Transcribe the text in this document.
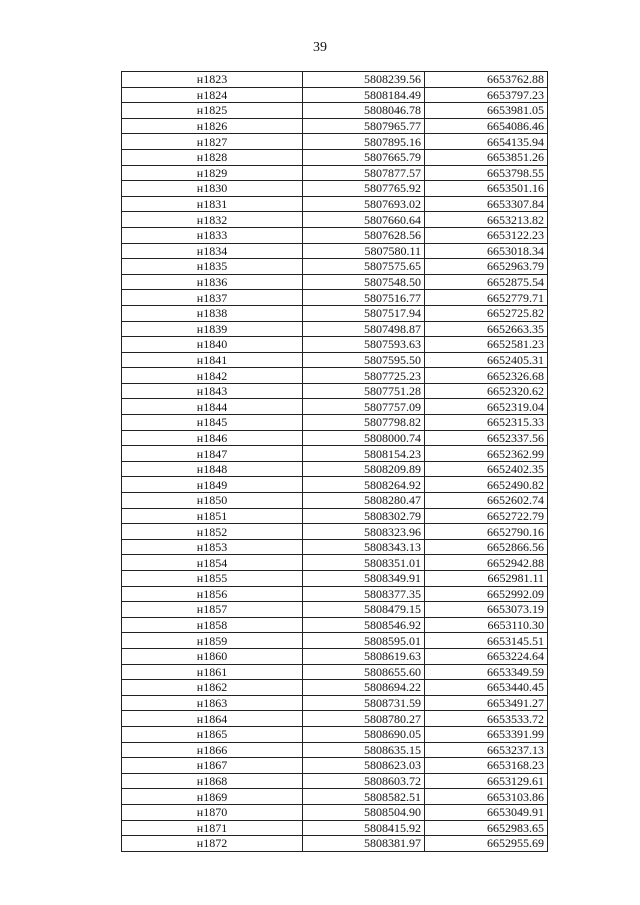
39
н1823	5808239.56	6653762.88
н1824	5808184.49	6653797.23
н1825	5808046.78	6653981.05
н1826	5807965.77	6654086.46
н1827	5807895.16	6654135.94
н1828	5807665.79	6653851.26
н1829	5807877.57	6653798.55
н1830	5807765.92	6653501.16
н1831	5807693.02	6653307.84
н1832	5807660.64	6653213.82
н1833	5807628.56	6653122.23
н1834	5807580.11	6653018.34
н1835	5807575.65	6652963.79
н1836	5807548.50	6652875.54
н1837	5807516.77	6652779.71
н1838	5807517.94	6652725.82
н1839	5807498.87	6652663.35
н1840	5807593.63	6652581.23
н1841	5807595.50	6652405.31
н1842	5807725.23	6652326.68
н1843	5807751.28	6652320.62
н1844	5807757.09	6652319.04
н1845	5807798.82	6652315.33
н1846	5808000.74	6652337.56
н1847	5808154.23	6652362.99
н1848	5808209.89	6652402.35
н1849	5808264.92	6652490.82
н1850	5808280.47	6652602.74
н1851	5808302.79	6652722.79
н1852	5808323.96	6652790.16
н1853	5808343.13	6652866.56
н1854	5808351.01	6652942.88
н1855	5808349.91	6652981.11
н1856	5808377.35	6652992.09
н1857	5808479.15	6653073.19
н1858	5808546.92	6653110.30
н1859	5808595.01	6653145.51
н1860	5808619.63	6653224.64
н1861	5808655.60	6653349.59
н1862	5808694.22	6653440.45
н1863	5808731.59	6653491.27
н1864	5808780.27	6653533.72
н1865	5808690.05	6653391.99
н1866	5808635.15	6653237.13
н1867	5808623.03	6653168.23
н1868	5808603.72	6653129.61
н1869	5808582.51	6653103.86
н1870	5808504.90	6653049.91
н1871	5808415.92	6652983.65
н1872	5808381.97	6652955.69
